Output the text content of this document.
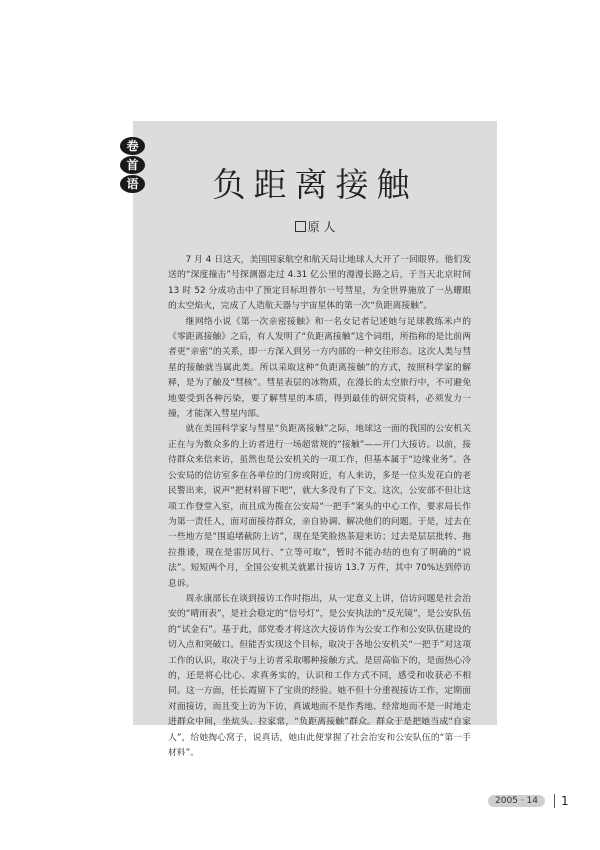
卷
首
语	负距离接触
原 人

7 月 4 日这天，美国国家航空和航天局让地球人大开了一回眼界。他们发送的“深度撞击”号探测器走过 4.31 亿公里的漫漫长路之后，于当天北京时间 13 时 52 分成功击中了预定目标坦普尔一号彗星，为全世界施放了一丛耀眼的太空焰火，完成了人造航天器与宇宙星体的第一次“负距离接触”。

继网络小说《第一次亲密接触》和一名女记者记述她与足球教练米卢的《零距离接触》之后，有人发明了“负距离接触”这个词组，所指称的是比前两者更“亲密”的关系，即一方深入到另一方内部的一种交往形态。这次人类与彗星的接触就当属此类。所以采取这种“负距离接触”的方式，按照科学家的解释，是为了触及“彗核”。彗星表层的冰物质，在漫长的太空旅行中，不可避免地要受到各种污染，要了解彗星的本质，得到最佳的研究资料，必须发力一撞，才能深入彗星内部。

就在美国科学家与彗星“负距离接触”之际，地球这一面的我国的公安机关正在与为数众多的上访者进行一场超常规的“接触”——开门大接访。以前，接待群众来信来访，虽然也是公安机关的一项工作，但基本属于“边缘业务”。各公安局的信访室多在各单位的门房或附近，有人来访，多是一位头发花白的老民警出来，说声“把材料留下吧”，就大多没有了下文。这次，公安部不但让这项工作登堂入室，而且成为揽在公安局“一把手”案头的中心工作，要求局长作为第一责任人，面对面接待群众，亲自协调、解决他们的问题。于是，过去在一些地方是“围追堵截防上访”，现在是笑脸热茶迎来访；过去是层层批转、拖拉推诿，现在是雷厉风行、“立等可取”，暂时不能办结的也有了明确的“说法”。短短两个月，全国公安机关就累计接访 13.7 万件，其中 70%达到停访息诉。

周永康部长在谈到接访工作时指出，从一定意义上讲，信访问题是社会治安的“晴雨表”，是社会稳定的“信号灯”，是公安执法的“反光镜”，是公安队伍的“试金石”。基于此，部党委才将这次大接访作为公安工作和公安队伍建设的切入点和突破口。但能否实现这个目标，取决于各地公安机关“一把手”对这项工作的认识，取决于与上访者采取哪种接触方式。是居高临下的，是面热心冷的，还是将心比心、求真务实的，认识和工作方式不同，感受和收获必不相同。这一方面，任长霞留下了宝贵的经验。她不但十分重视接访工作，定期面对面接访，而且变上访为下访，真诚地而不是作秀地、经常地而不是一时地走进群众中间，坐炕头、拉家常，“负距离接触”群众。群众于是把她当成“自家人”，给她掏心窝子，说真话，她由此便掌握了社会治安和公安队伍的“第一手材料”。

2005 · 14	1
